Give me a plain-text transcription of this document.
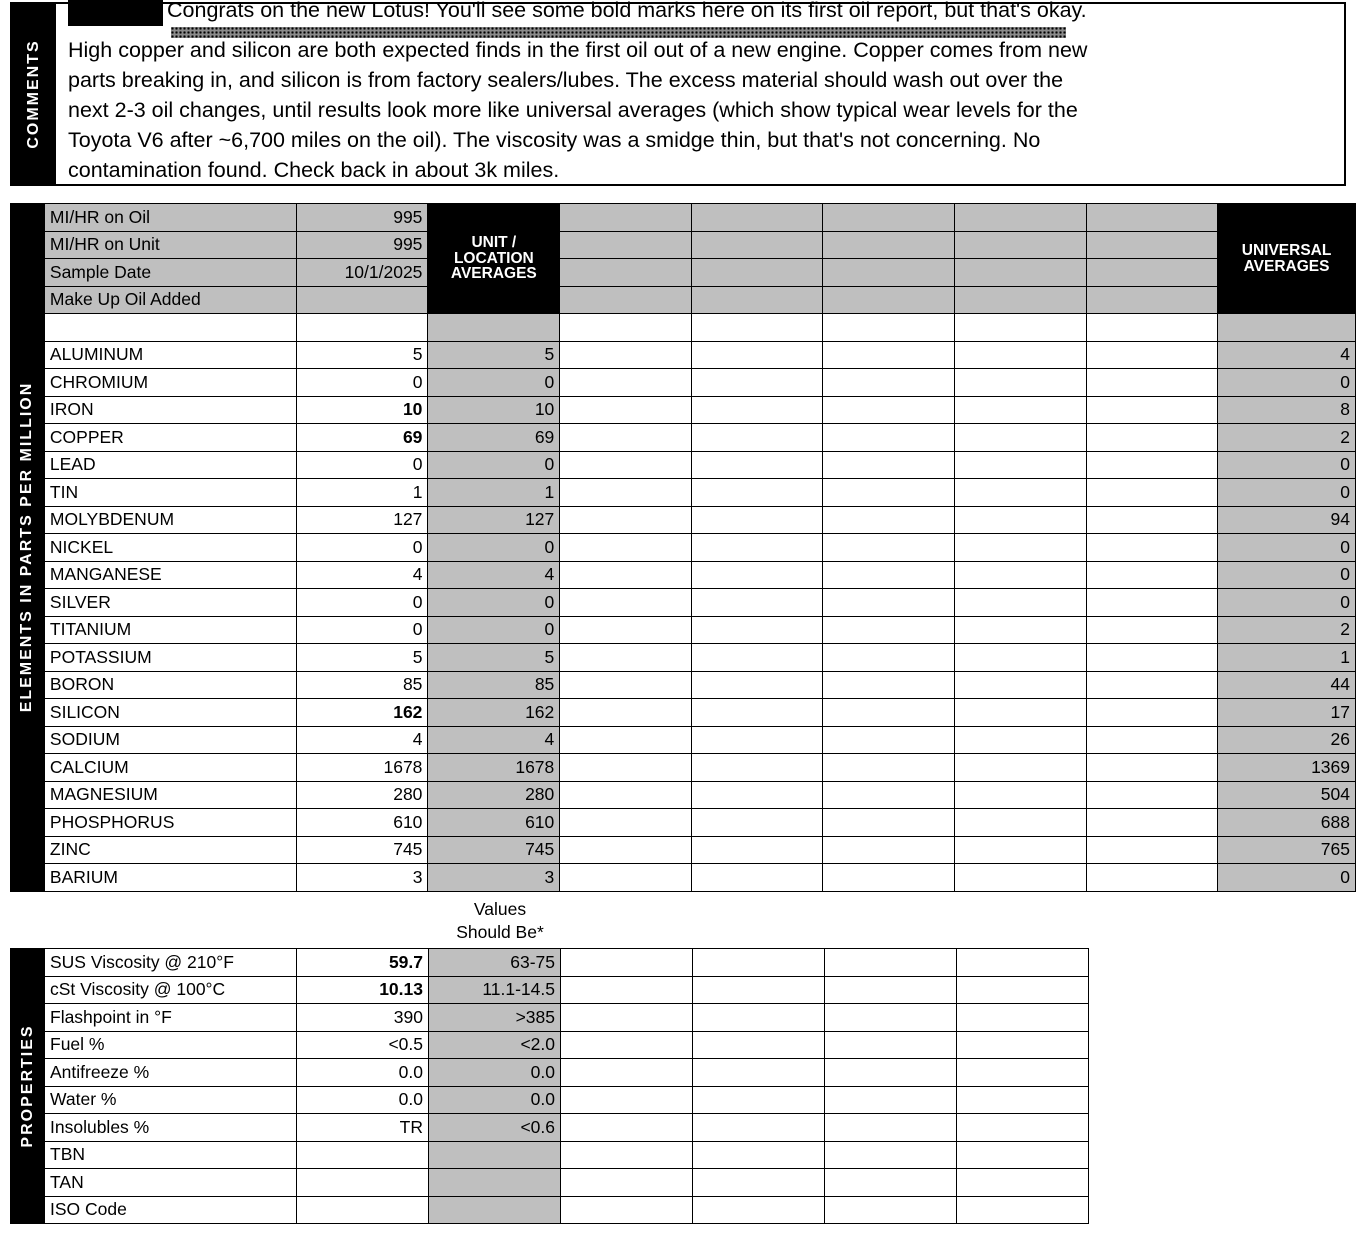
COMMENTS
Congrats on the new Lotus! You'll see some bold marks here on its first oil report, but that's okay.

High copper and silicon are both expected finds in the first oil out of a new engine. Copper comes from new

parts breaking in, and silicon is from factory sealers/lubes. The excess material should wash out over the

next 2-3 oil changes, until results look more like universal averages (which show typical wear levels for the

Toyota V6 after ~6,700 miles on the oil). The viscosity was a smidge thin, but that's not concerning. No

contamination found. Check back in about 3k miles.

ELEMENTS IN PARTS PER MILLION
	MI/HR on Oil	995	
UNIT /
LOCATION
AVERAGES

UNIVERSAL
AVERAGES

	MI/HR on Unit	995							
	Sample Date	10/1/2025							
	Make Up Oil Added								

	ALUMINUM	5	5						4
	CHROMIUM	0	0						0
	IRON	10	10						8
	COPPER	69	69						2
	LEAD	0	0						0
	TIN	1	1						0
	MOLYBDENUM	127	127						94
	NICKEL	0	0						0
	MANGANESE	4	4						0
	SILVER	0	0						0
	TITANIUM	0	0						2
	POTASSIUM	5	5						1
	BORON	85	85						44
	SILICON	162	162						17
	SODIUM	4	4						26
	CALCIUM	1678	1678						1369
	MAGNESIUM	280	280						504
	PHOSPHORUS	610	610						688
	ZINC	745	745						765
	BARIUM	3	3						0
Values
Should Be*
PROPERTIES	SUS Viscosity @ 210°F	59.7	63-75				
	cSt Viscosity @ 100°C	10.13	11.1-14.5				
	Flashpoint in °F	390	>385				
	Fuel %	<0.5	<2.0				
	Antifreeze %	0.0	0.0				
	Water %	0.0	0.0				
	Insolubles %	TR	<0.6				
	TBN						
	TAN						
	ISO Code						
